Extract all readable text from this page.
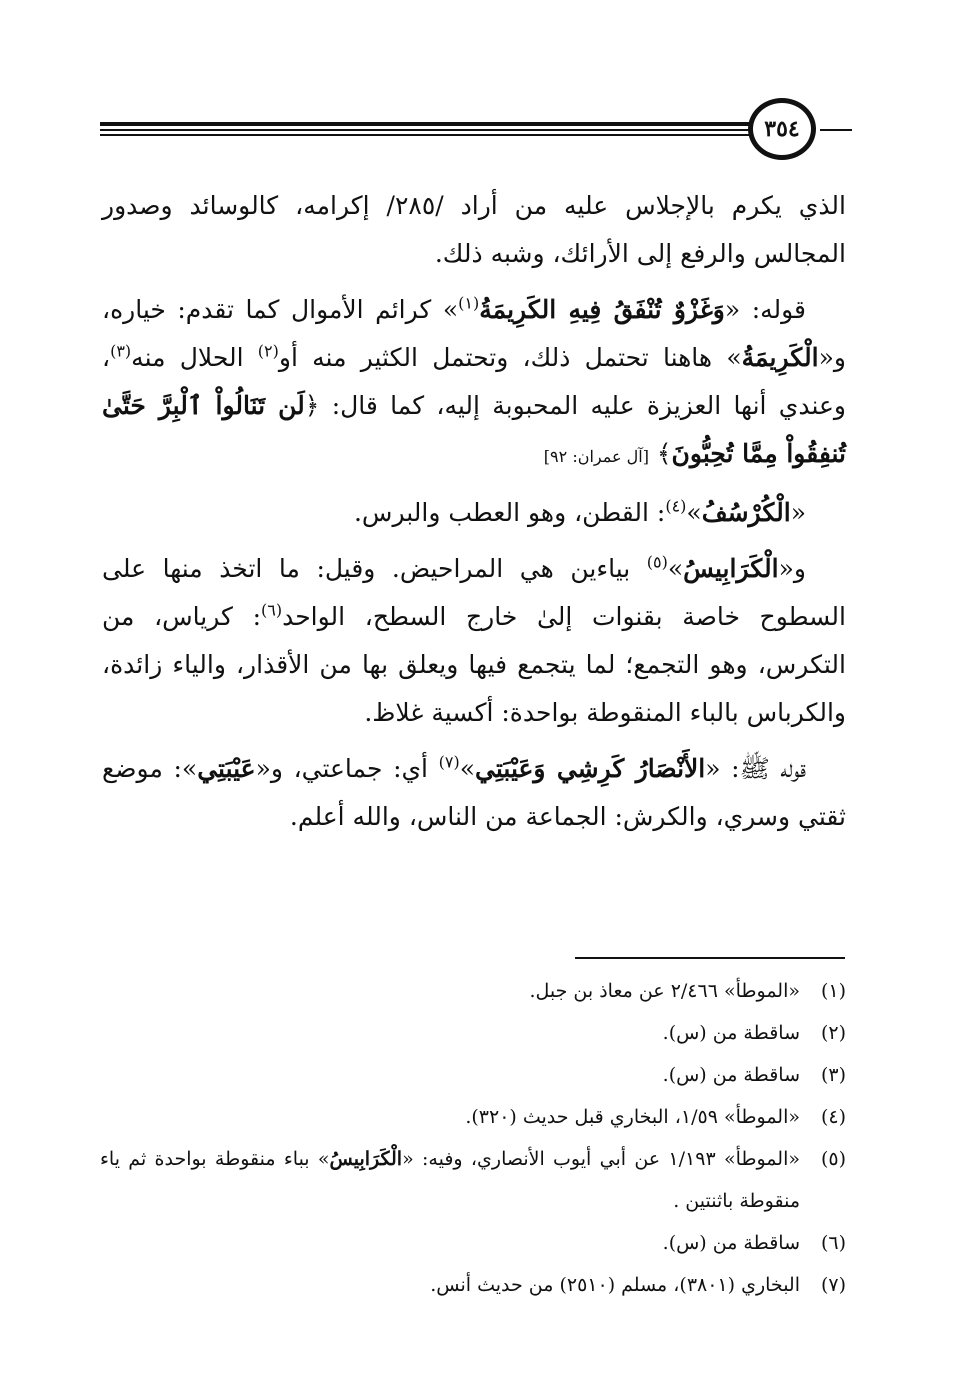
٣٥٤

الذي يكرم بالإجلاس عليه من أراد /٢٨٥/ إكرامه، كالوسائد وصدور المجالس والرفع إلى الأرائك، وشبه ذلك.

قوله: «وَغَزْوٌ تُنْفَقُ فِيهِ الكَرِيمَةُ$^{(١)}$» كرائم الأموال كما تقدم: خياره، و«الْكَرِيمَةُ» هاهنا تحتمل ذلك، وتحتمل الكثير منه أو$^{(٢)}$ الحلال منه$^{(٣)}$، وعندي أنها العزيزة عليه المحبوبة إليه، كما قال: ﴿لَن تَنَالُواْ ٱلْبِرَّ حَتَّىٰ تُنفِقُواْ مِمَّا تُحِبُّونَ﴾ [آل عمران: ٩٢]

«الْكُرْسُفُ»$^{(٤)}$: القطن، وهو العطب والبرس.

و«الْكَرَابِيسُ»$^{(٥)}$ بياءين هي المراحيض. وقيل: ما اتخذ منها على السطوح خاصة بقنوات إلىٰ خارج السطح، الواحد$^{(٦)}$: كرياس، من التكرس، وهو التجمع؛ لما يتجمع فيها ويعلق بها من الأقذار، والياء زائدة، والكرباس بالباء المنقوطة بواحدة: أكسية غلاظ.

قوله ﷺ: «الأَنْصَارُ كَرِشِي وَعَيْبَتِي»$^{(٧)}$ أي: جماعتي، و«عَيْبَتِي»: موضع ثقتي وسري، والكرش: الجماعة من الناس، والله أعلم.

(١)
«الموطأ» ٢/٤٦٦ عن معاذ بن جبل.
(٢)
ساقطة من (س).
(٣)
ساقطة من (س).
(٤)
«الموطأ» ١/٥٩، البخاري قبل حديث (٣٢٠).
(٥)
«الموطأ» ١/١٩٣ عن أبي أيوب الأنصاري، وفيه: «الْكَرَابِيسُ» بباء منقوطة بواحدة ثم ياء منقوطة باثنتين .
(٦)
ساقطة من (س).
(٧)
البخاري (٣٨٠١)، مسلم (٢٥١٠) من حديث أنس.
